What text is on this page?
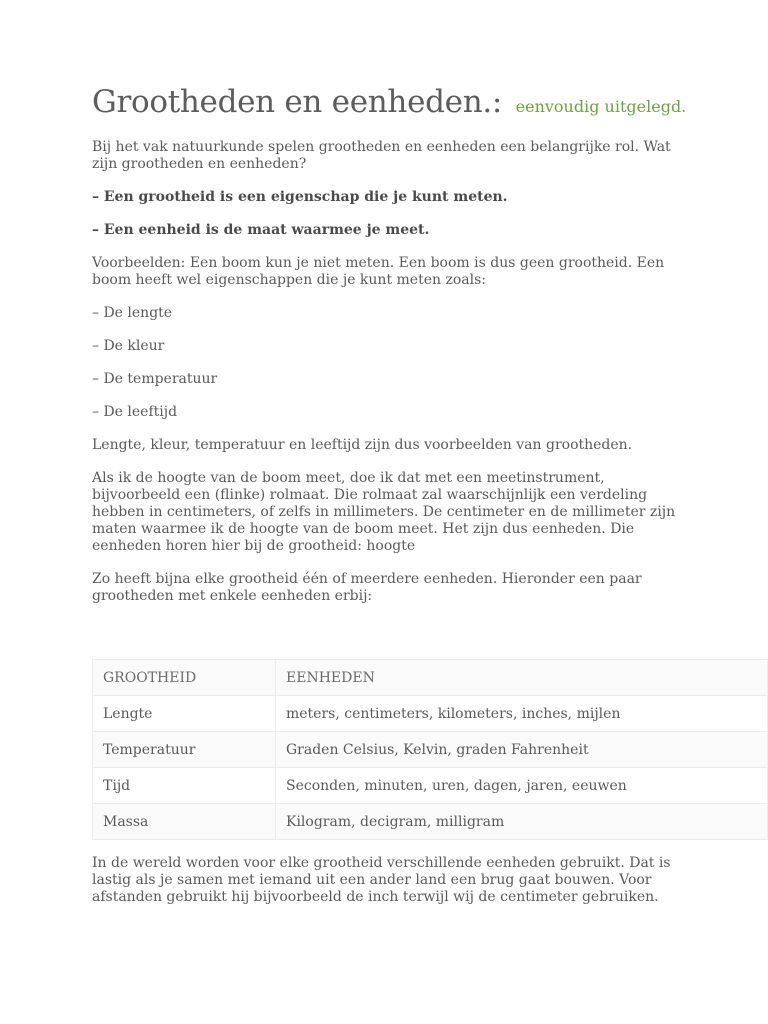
Grootheden en eenheden.: eenvoudig uitgelegd.

Bij het vak natuurkunde spelen grootheden en eenheden een belangrijke rol. Wat zijn grootheden en eenheden?

– Een grootheid is een eigenschap die je kunt meten.

– Een eenheid is de maat waarmee je meet.

Voorbeelden: Een boom kun je niet meten. Een boom is dus geen grootheid. Een boom heeft wel eigenschappen die je kunt meten zoals:

– De lengte

– De kleur

– De temperatuur

– De leeftijd

Lengte, kleur, temperatuur en leeftijd zijn dus voorbeelden van grootheden.

Als ik de hoogte van de boom meet, doe ik dat met een meetinstrument, bijvoorbeeld een (flinke) rolmaat. Die rolmaat zal waarschijnlijk een verdeling hebben in centimeters, of zelfs in millimeters. De centimeter en de millimeter zijn maten waarmee ik de hoogte van de boom meet. Het zijn dus eenheden. Die eenheden horen hier bij de grootheid: hoogte

Zo heeft bijna elke grootheid één of meerdere eenheden. Hieronder een paar grootheden met enkele eenheden erbij:

GROOTHEID	EENHEDEN
Lengte	meters, centimeters, kilometers, inches, mijlen
Temperatuur	Graden Celsius, Kelvin, graden Fahrenheit
Tijd	Seconden, minuten, uren, dagen, jaren, eeuwen
Massa	Kilogram, decigram, milligram

In de wereld worden voor elke grootheid verschillende eenheden gebruikt. Dat is lastig als je samen met iemand uit een ander land een brug gaat bouwen. Voor afstanden gebruikt hij bijvoorbeeld de inch terwijl wij de centimeter gebruiken.
